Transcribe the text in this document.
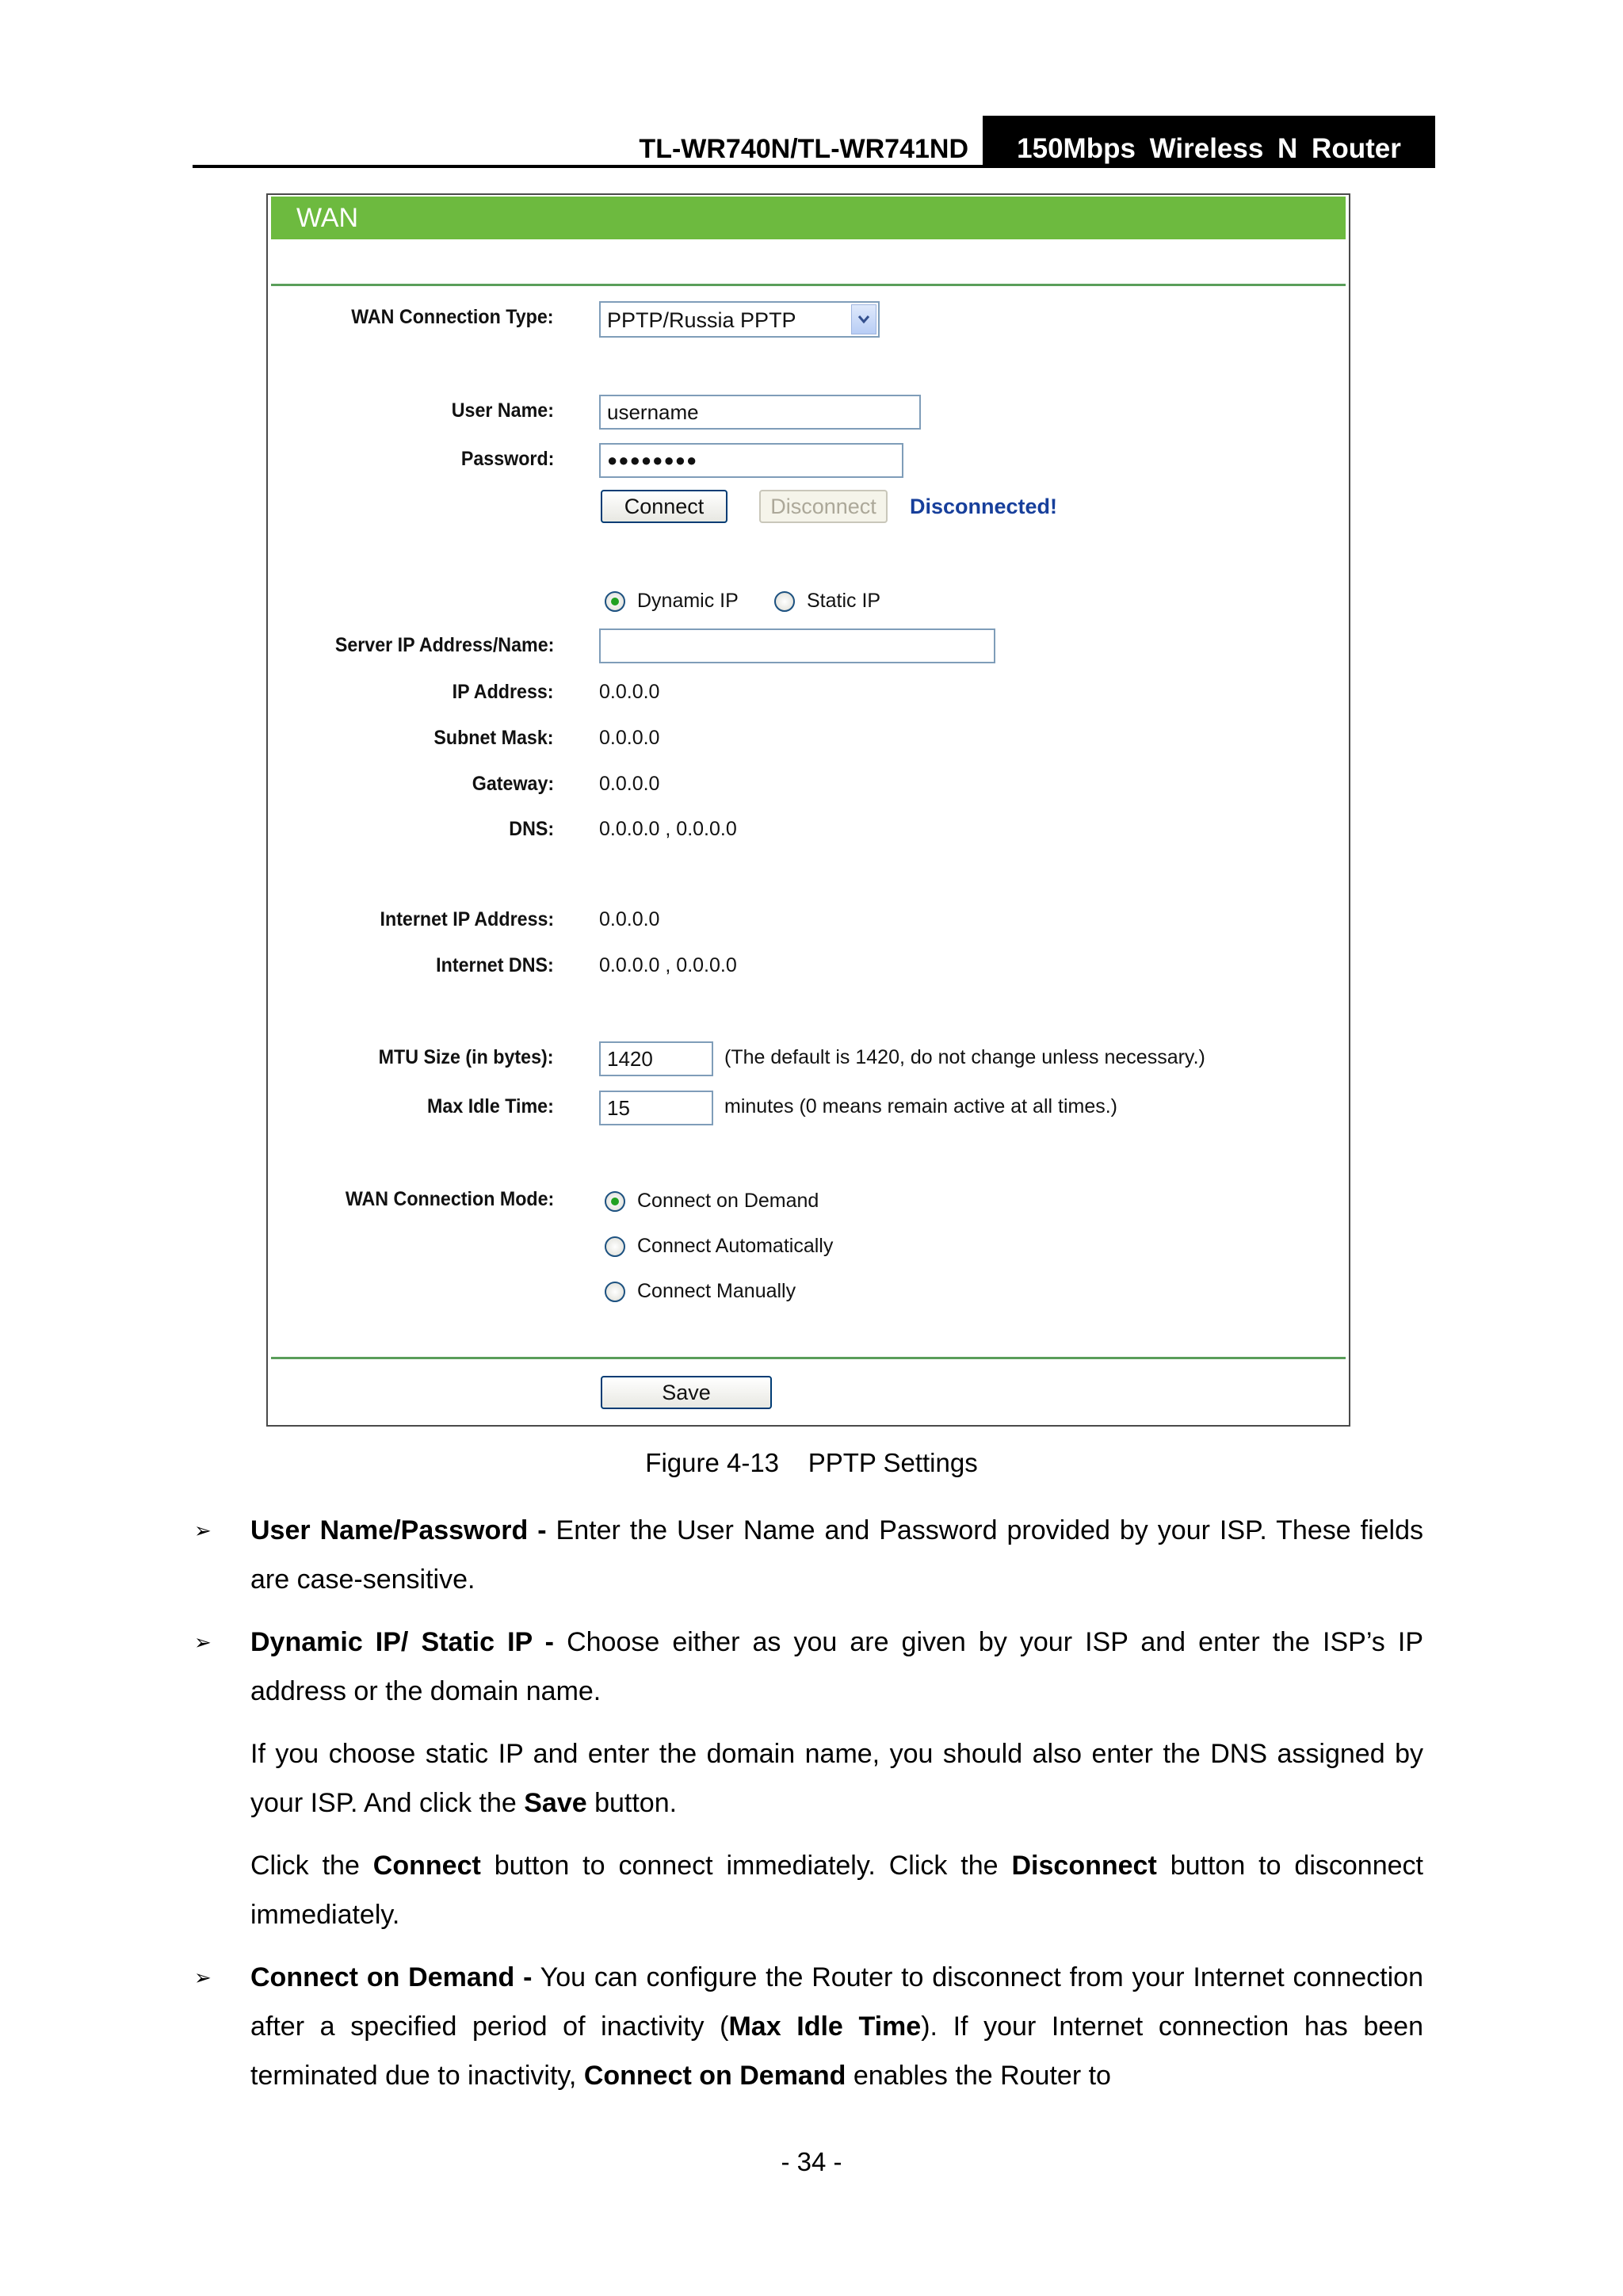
TL-WR740N/TL-WR741ND	150Mbps Wireless N Router
WAN
WAN Connection Type: PPTP/Russia PPTP
User Name:	username
Password:	●●●●●●●●
Connect	Disconnect	Disconnected!
Dynamic IP	Static IP
Server IP Address/Name:
IP Address: 0.0.0.0
Subnet Mask: 0.0.0.0
Gateway: 0.0.0.0
DNS: 0.0.0.0 , 0.0.0.0
Internet IP Address: 0.0.0.0
Internet DNS: 0.0.0.0 , 0.0.0.0
MTU Size (in bytes):	1420	(The default is 1420, do not change unless necessary.)
Max Idle Time:	15	minutes (0 means remain active at all times.)
WAN Connection Mode:	Connect on Demand
Connect Automatically
Connect Manually
Save
Figure 4-13    PPTP Settings
➢ User Name/Password - Enter the User Name and Password provided by your ISP. These fields are case-sensitive.
➢ Dynamic IP/ Static IP - Choose either as you are given by your ISP and enter the ISP’s IP address or the domain name.
If you choose static IP and enter the domain name, you should also enter the DNS assigned by your ISP. And click the Save button.
Click the Connect button to connect immediately. Click the Disconnect button to disconnect immediately.
➢ Connect on Demand - You can configure the Router to disconnect from your Internet connection after a specified period of inactivity (Max Idle Time). If your Internet connection has been terminated due to inactivity, Connect on Demand enables the Router to
- 34 -
